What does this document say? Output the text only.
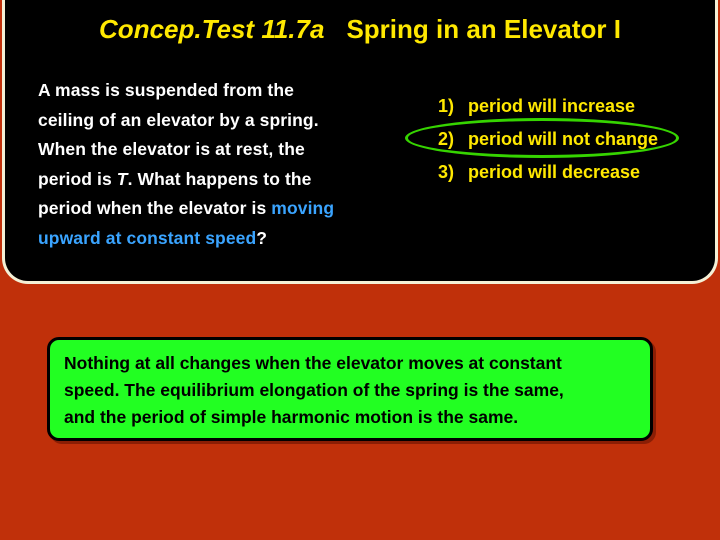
Concep.Test 11.7a Spring in an Elevator I
A mass is suspended from the
ceiling of an elevator by a spring.
When the elevator is at rest, the
period is T. What happens to the
period when the elevator is moving
upward at constant speed?
1) period will increase
2) period will not change
3) period will decrease
Nothing at all changes when the elevator moves at constant
speed. The equilibrium elongation of the spring is the same,
and the period of simple harmonic motion is the same.
